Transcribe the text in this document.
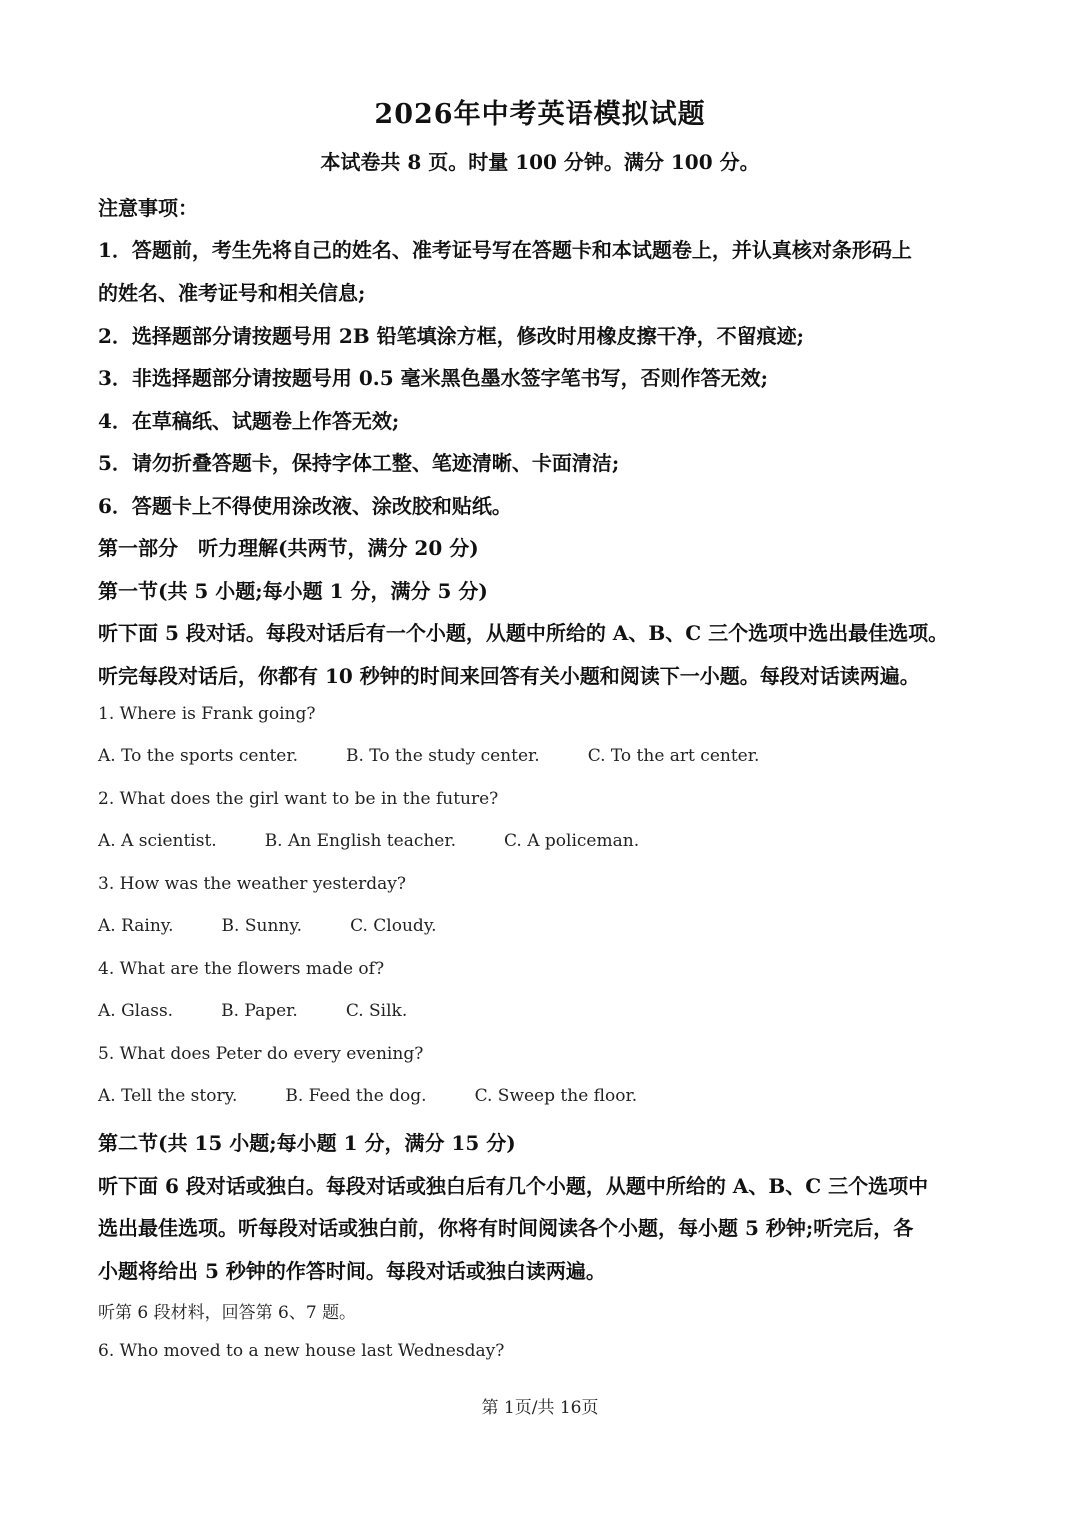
2026年中考英语模拟试题
本试卷共 8 页。时量 100 分钟。满分 100 分。
注意事项：
1．答题前，考生先将自己的姓名、准考证号写在答题卡和本试题卷上，并认真核对条形码上
的姓名、准考证号和相关信息;
2．选择题部分请按题号用 2B 铅笔填涂方框，修改时用橡皮擦干净，不留痕迹;
3．非选择题部分请按题号用 0.5 毫米黑色墨水签字笔书写，否则作答无效;
4．在草稿纸、试题卷上作答无效;
5．请勿折叠答题卡，保持字体工整、笔迹清晰、卡面清洁;
6．答题卡上不得使用涂改液、涂改胶和贴纸。
第一部分　听力理解(共两节，满分 20 分)
第一节(共 5 小题;每小题 1 分，满分 5 分)
听下面 5 段对话。每段对话后有一个小题，从题中所给的 A、B、C 三个选项中选出最佳选项。
听完每段对话后，你都有 10 秒钟的时间来回答有关小题和阅读下一小题。每段对话读两遍。
1. Where is Frank going?
A. To the sports center.	B. To the study center.	C. To the art center.
2. What does the girl want to be in the future?
A. A scientist.	B. An English teacher.	C. A policeman.
3. How was the weather yesterday?
A. Rainy.	B. Sunny.	C. Cloudy.
4. What are the flowers made of?
A. Glass.	B. Paper.	C. Silk.
5. What does Peter do every evening?
A. Tell the story.	B. Feed the dog.	C. Sweep the floor.
第二节(共 15 小题;每小题 1 分，满分 15 分)
听下面 6 段对话或独白。每段对话或独白后有几个小题，从题中所给的 A、B、C 三个选项中
选出最佳选项。听每段对话或独白前，你将有时间阅读各个小题，每小题 5 秒钟;听完后，各
小题将给出 5 秒钟的作答时间。每段对话或独白读两遍。
听第 6 段材料，回答第 6、7 题。
6. Who moved to a new house last Wednesday?
第 1页/共 16页
